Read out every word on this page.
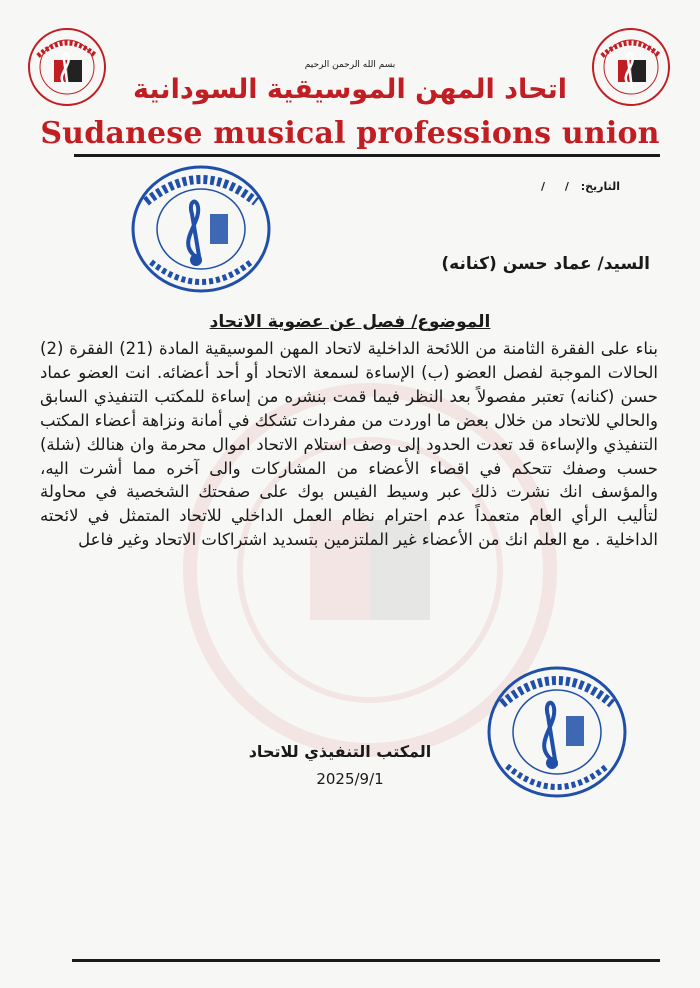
بسم الله الرحمن الرحيم
اتحاد المهن الموسيقية السودانية
Sudanese musical professions union
التاريخ: / /
السيد/ عماد حسن (كنانه)
الموضوع/ فصل عن عضوية الاتحاد
بناء على الفقرة الثامنة من اللائحة الداخلية لاتحاد المهن الموسيقية المادة (21) الفقرة (2) الحالات الموجبة لفصل العضو (ب) الإساءة لسمعة الاتحاد أو أحد أعضائه. انت العضو عماد حسن (كنانه) تعتبر مفصولاً بعد النظر فيما قمت بنشره من إساءة للمكتب التنفيذي السابق والحالي للاتحاد من خلال بعض ما اوردت من مفردات تشكك في أمانة ونزاهة أعضاء المكتب التنفيذي والإساءة قد تعدت الحدود إلى وصف استلام الاتحاد اموال محرمة وان هنالك (شلة) حسب وصفك تتحكم في اقصاء الأعضاء من المشاركات والى آخره مما أشرت اليه، والمؤسف انك نشرت ذلك عبر وسيط الفيس بوك على صفحتك الشخصية في محاولة لتأليب الرأي العام متعمداً عدم احترام نظام العمل الداخلي للاتحاد المتمثل في لائحته الداخلية . مع العلم انك من الأعضاء غير الملتزمين بتسديد اشتراكات الاتحاد وغير فاعل
المكتب التنفيذي للاتحاد
2025/9/1
